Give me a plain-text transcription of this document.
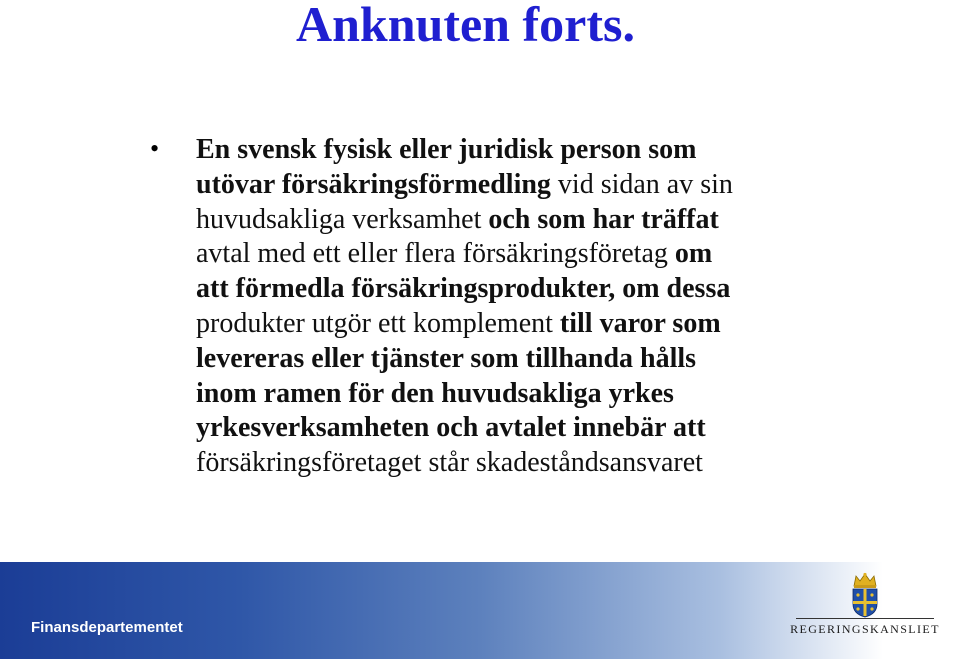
Anknuten forts.
• En svensk fysisk eller juridisk person som
utövar försäkringsförmedling vid sidan av sin
huvudsakliga verksamhet och som har träffat
avtal med ett eller flera försäkringsföretag om
att förmedla försäkringsprodukter, om dessa
produkter utgör ett komplement till varor som
levereras eller tjänster som tillhanda hålls
inom ramen för den huvudsakliga yrkes
yrkesverksamheten och avtalet innebär att
försäkringsföretaget står skadeståndsansvaret
Finansdepartementet	REGERINGSKANSLIET
